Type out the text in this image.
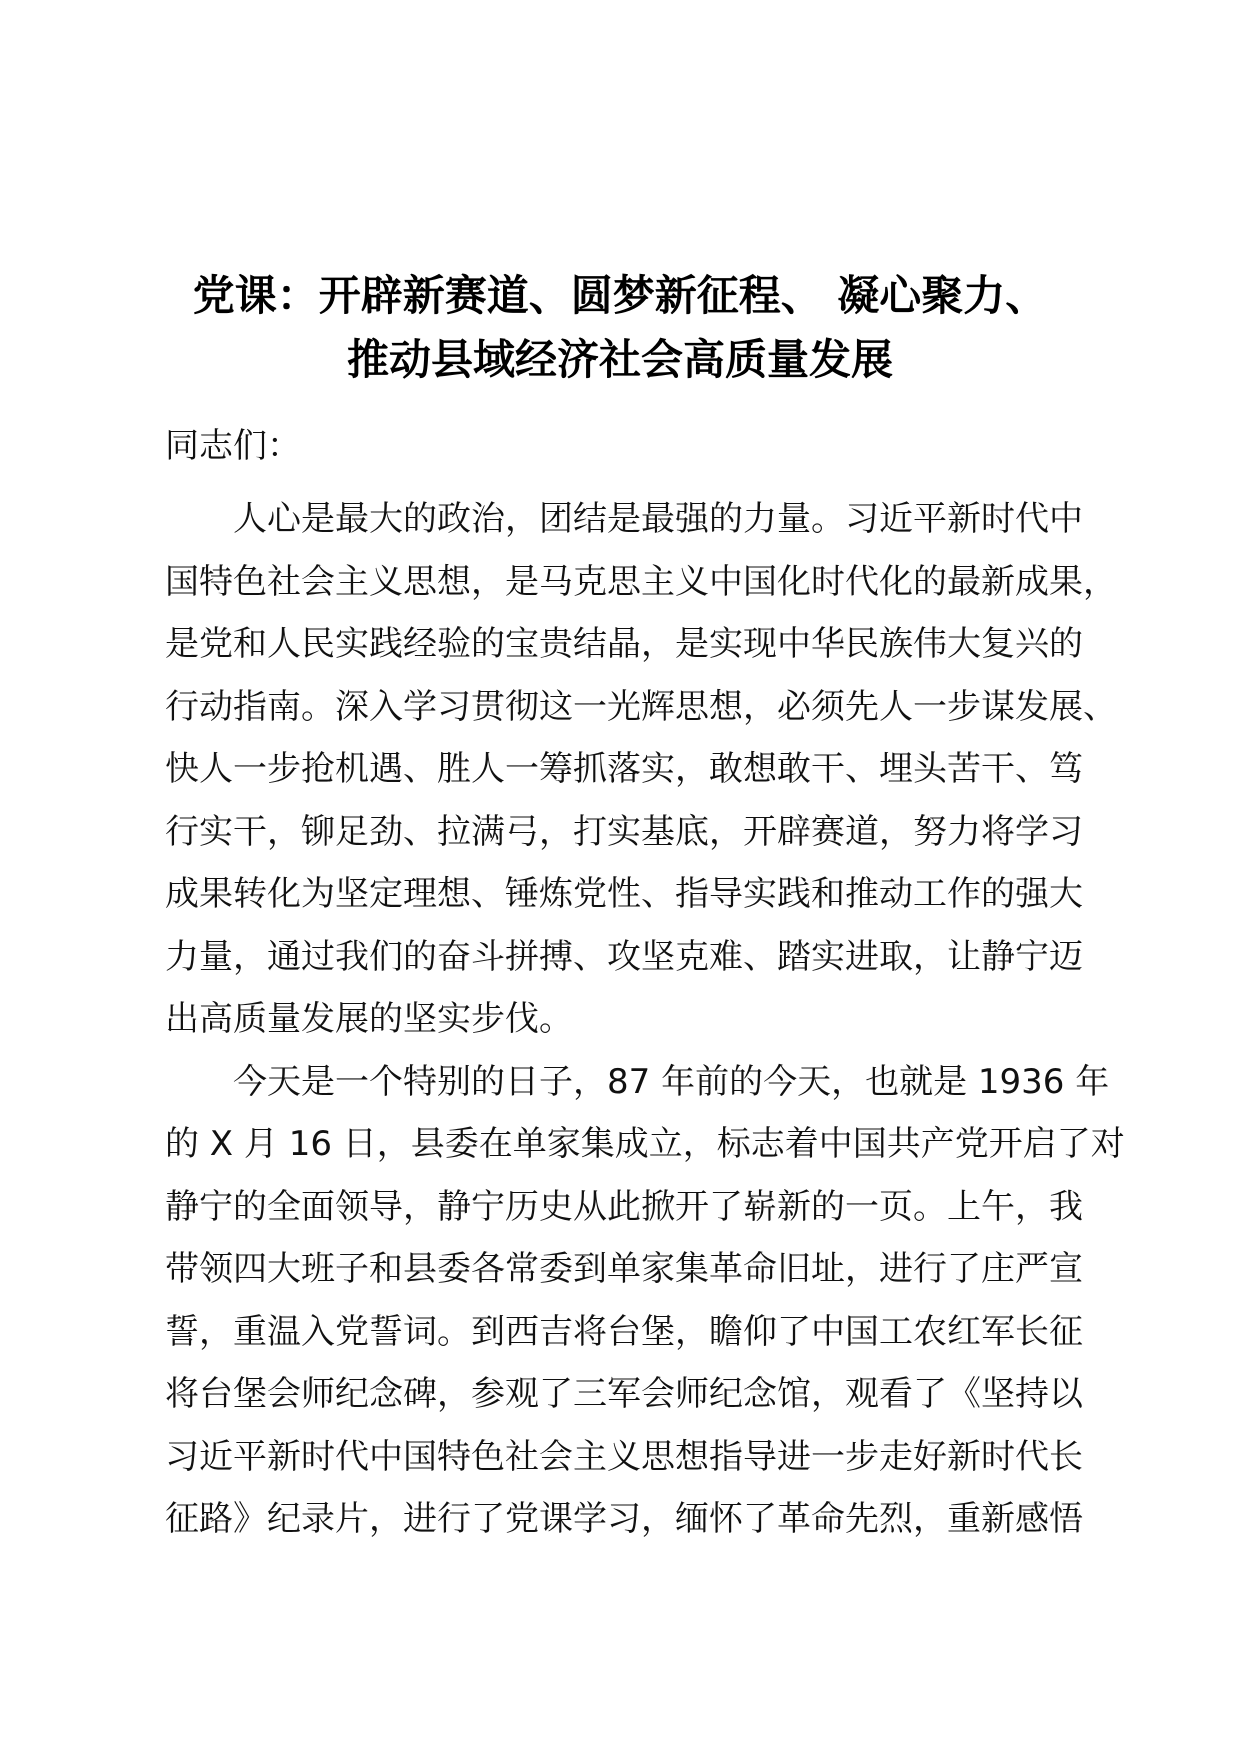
党课：开辟新赛道、圆梦新征程、 凝心聚力、
推动县域经济社会高质量发展
同志们：
　　人心是最大的政治，团结是最强的力量。习近平新时代中
国特色社会主义思想，是马克思主义中国化时代化的最新成果，
是党和人民实践经验的宝贵结晶，是实现中华民族伟大复兴的
行动指南。深入学习贯彻这一光辉思想，必须先人一步谋发展、
快人一步抢机遇、胜人一筹抓落实，敢想敢干、埋头苦干、笃
行实干，铆足劲、拉满弓，打实基底，开辟赛道，努力将学习
成果转化为坚定理想、锤炼党性、指导实践和推动工作的强大
力量，通过我们的奋斗拼搏、攻坚克难、踏实进取，让静宁迈
出高质量发展的坚实步伐。
　　今天是一个特别的日子，87 年前的今天，也就是 1936 年
的 X 月 16 日，县委在单家集成立，标志着中国共产党开启了对
静宁的全面领导，静宁历史从此掀开了崭新的一页。上午，我
带领四大班子和县委各常委到单家集革命旧址，进行了庄严宣
誓，重温入党誓词。到西吉将台堡，瞻仰了中国工农红军长征
将台堡会师纪念碑，参观了三军会师纪念馆，观看了《坚持以
习近平新时代中国特色社会主义思想指导进一步走好新时代长
征路》纪录片，进行了党课学习，缅怀了革命先烈，重新感悟
